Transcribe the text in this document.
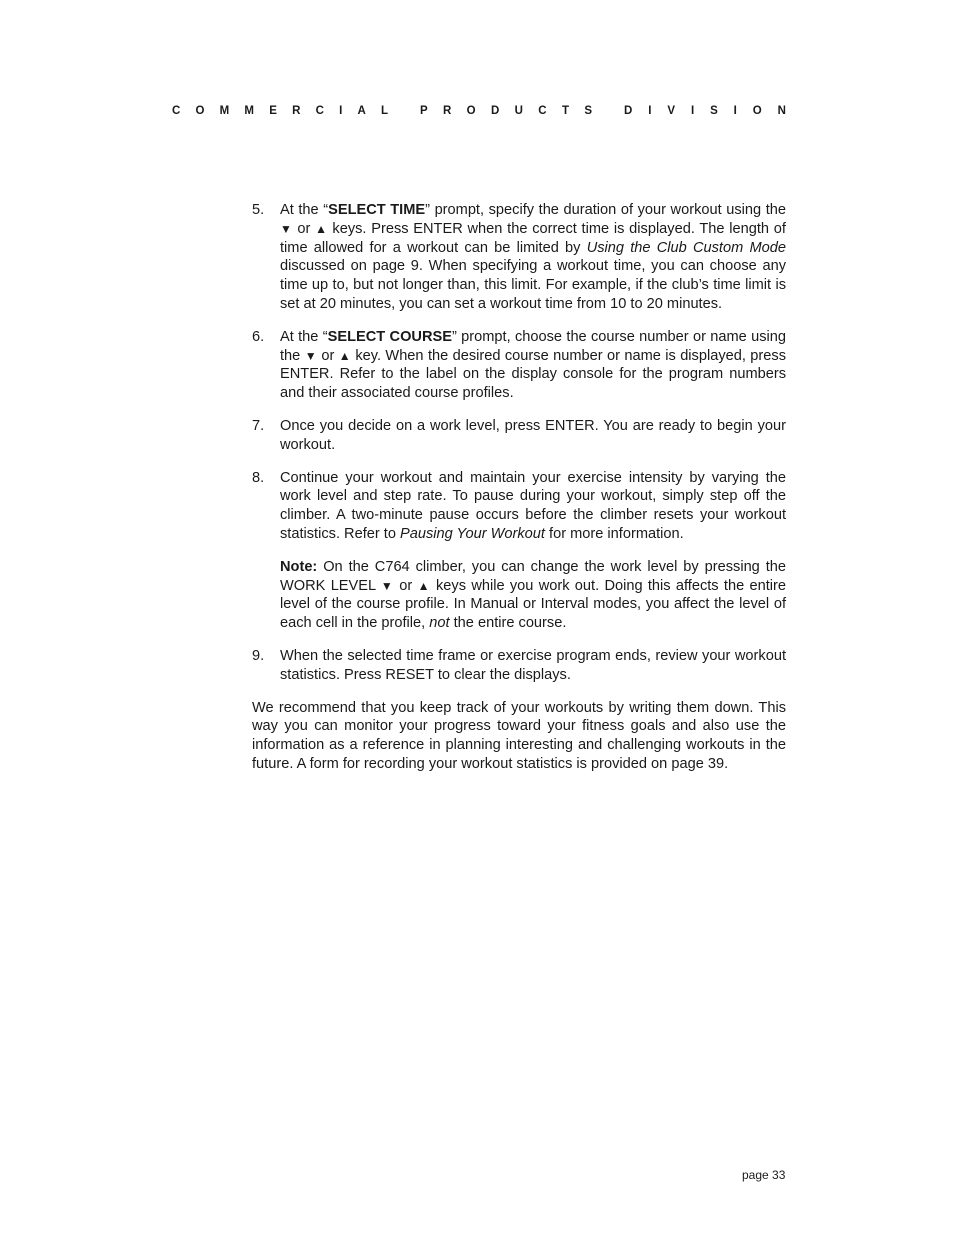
C O M M E R C I A L	P R O D U C T S	D I V I S I O N
5. At the “SELECT TIME” prompt, specify the duration of your workout using the ▼ or ▲ keys. Press ENTER when the correct time is displayed. The length of time allowed for a workout can be limited by Using the Club Custom Mode discussed on page 9. When specifying a workout time, you can choose any time up to, but not longer than, this limit. For example, if the club’s time limit is set at 20 minutes, you can set a workout time from 10 to 20 minutes.

6. At the “SELECT COURSE” prompt, choose the course number or name using the ▼ or ▲ key. When the desired course number or name is displayed, press ENTER. Refer to the label on the display console for the program numbers and their associated course profiles.

7. Once you decide on a work level, press ENTER. You are ready to begin your workout.

8. Continue your workout and maintain your exercise intensity by varying the work level and step rate. To pause during your workout, simply step off the climber. A two-minute pause occurs before the climber resets your workout statistics. Refer to Pausing Your Workout for more information.

Note: On the C764 climber, you can change the work level by pressing the WORK LEVEL ▼ or ▲ keys while you work out. Doing this affects the entire level of the course profile. In Manual or Interval modes, you affect the level of each cell in the profile, not the entire course.

9. When the selected time frame or exercise program ends, review your workout statistics. Press RESET to clear the displays.

We recommend that you keep track of your workouts by writing them down. This way you can monitor your progress toward your fitness goals and also use the information as a reference in planning interesting and challenging workouts in the future. A form for recording your workout statistics is provided on page 39.

page 33
